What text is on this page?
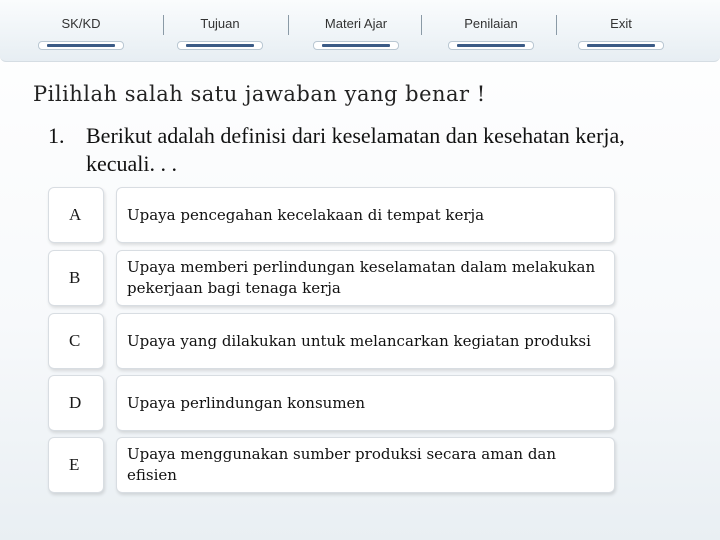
SK/KD	Tujuan	Materi Ajar	Penilaian	Exit
Pilihlah salah satu jawaban yang benar !
1. Berikut adalah definisi dari keselamatan dan kesehatan kerja, kecuali. . .
A	Upaya pencegahan kecelakaan di tempat kerja
B
Upaya memberi perlindungan keselamatan dalam melakukan pekerjaan bagi tenaga kerja
C	Upaya yang dilakukan untuk melancarkan kegiatan produksi
D	Upaya perlindungan konsumen
E
Upaya menggunakan sumber produksi secara aman dan efisien
